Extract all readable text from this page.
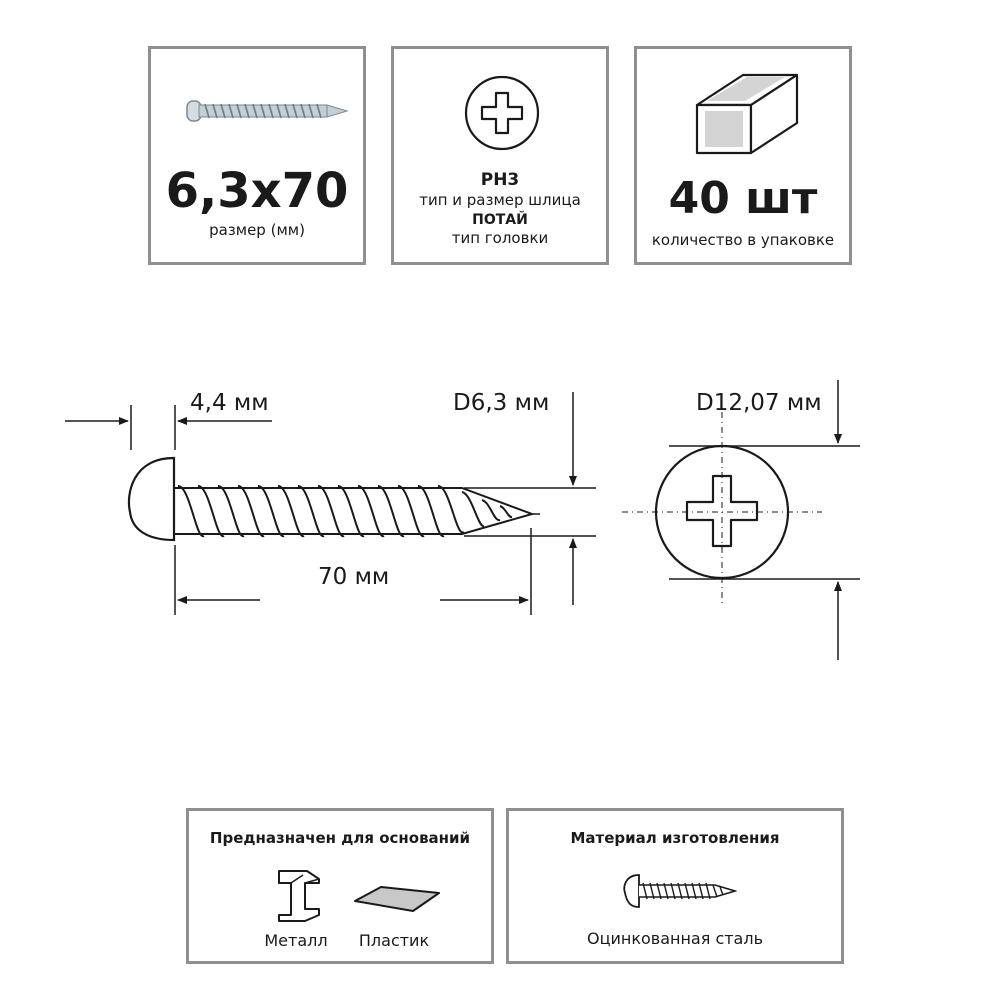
6,3x70
размер (мм)
PH3
тип и размер шлица
ПОТАЙ
тип головки
40 шт
количество в упаковке
4,4 мм	D6,3 мм
70 мм
D12,07 мм
Предназначен для оснований
Металл	Пластик
Материал изготовления
Оцинкованная сталь
